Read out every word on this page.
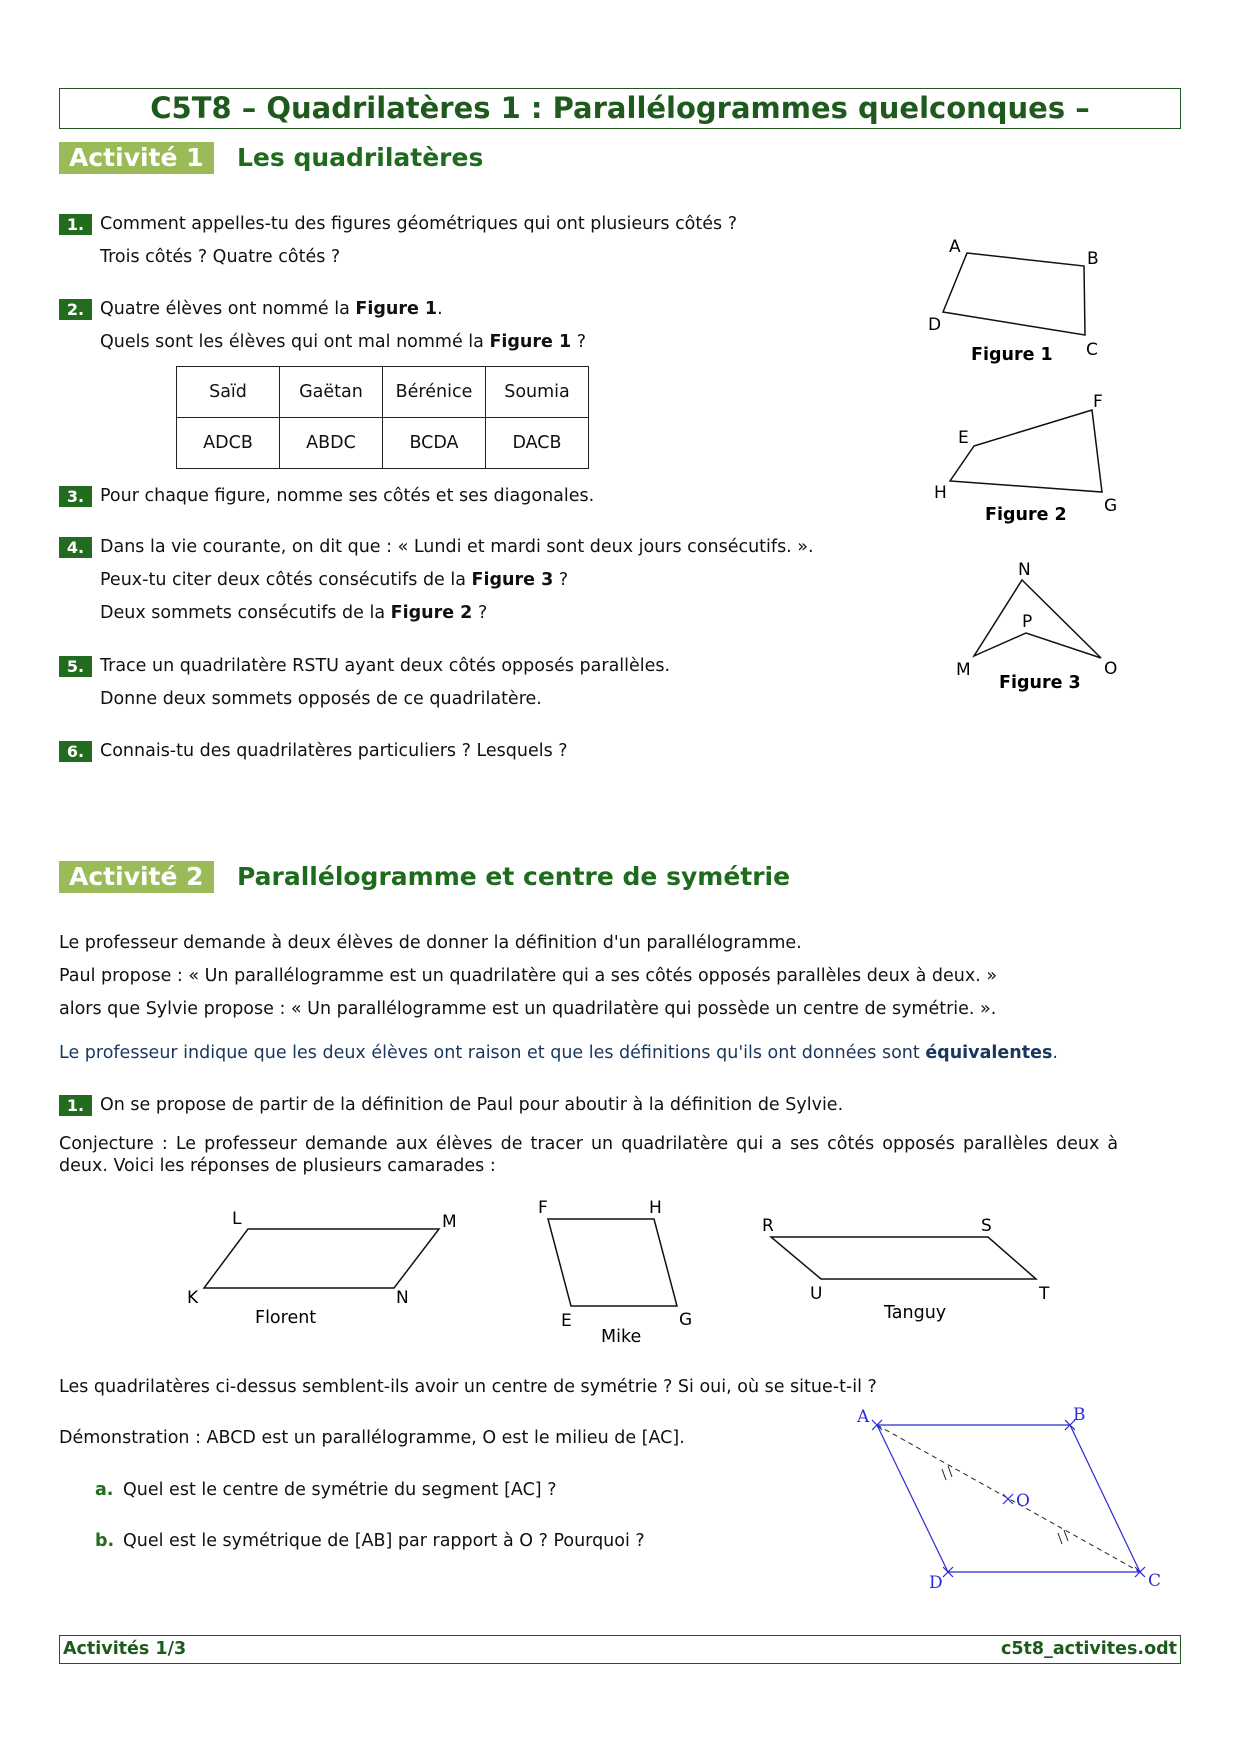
C5T8 – Quadrilatères 1 : Parallélogrammes quelconques –
Activité 1	Les quadrilatères
1. Comment appelles-tu des figures géométriques qui ont plusieurs côtés ?
Trois côtés ? Quatre côtés ?
2. Quatre élèves ont nommé la Figure 1.
Quels sont les élèves qui ont mal nommé la Figure 1 ?
Saïd	Gaëtan	Bérénice	Soumia
ADCB	ABDC	BCDA	DACB
3. Pour chaque figure, nomme ses côtés et ses diagonales.
4. Dans la vie courante, on dit que : « Lundi et mardi sont deux jours consécutifs. ».
Peux-tu citer deux côtés consécutifs de la Figure 3 ?
Deux sommets consécutifs de la Figure 2 ?
5. Trace un quadrilatère RSTU ayant deux côtés opposés parallèles.
Donne deux sommets opposés de ce quadrilatère.
6. Connais-tu des quadrilatères particuliers ? Lesquels ?
A
B
C
D
Figure 1
E
F
G
H
Figure 2
N
P
M	O
Figure 3
Activité 2	Parallélogramme et centre de symétrie
Le professeur demande à deux élèves de donner la définition d'un parallélogramme.
Paul propose : « Un parallélogramme est un quadrilatère qui a ses côtés opposés parallèles deux à deux. »
alors que Sylvie propose : « Un parallélogramme est un quadrilatère qui possède un centre de symétrie. ».
Le professeur indique que les deux élèves ont raison et que les définitions qu'ils ont données sont équivalentes.
1. On se propose de partir de la définition de Paul pour aboutir à la définition de Sylvie.
Conjecture : Le professeur demande aux élèves de tracer un quadrilatère qui a ses côtés opposés parallèles deux à
deux. Voici les réponses de plusieurs camarades :
L	M
K	N
Florent
F	H
E	G
Mike
R	S
U	T
Tanguy
Les quadrilatères ci-dessus semblent-ils avoir un centre de symétrie ? Si oui, où se situe-t-il ?
Démonstration : ABCD est un parallélogramme, O est le milieu de [AC].
a. Quel est le centre de symétrie du segment [AC] ?
b. Quel est le symétrique de [AB] par rapport à O ? Pourquoi ?
A	B
C
D
O
Activités 1/3	c5t8_activites.odt
